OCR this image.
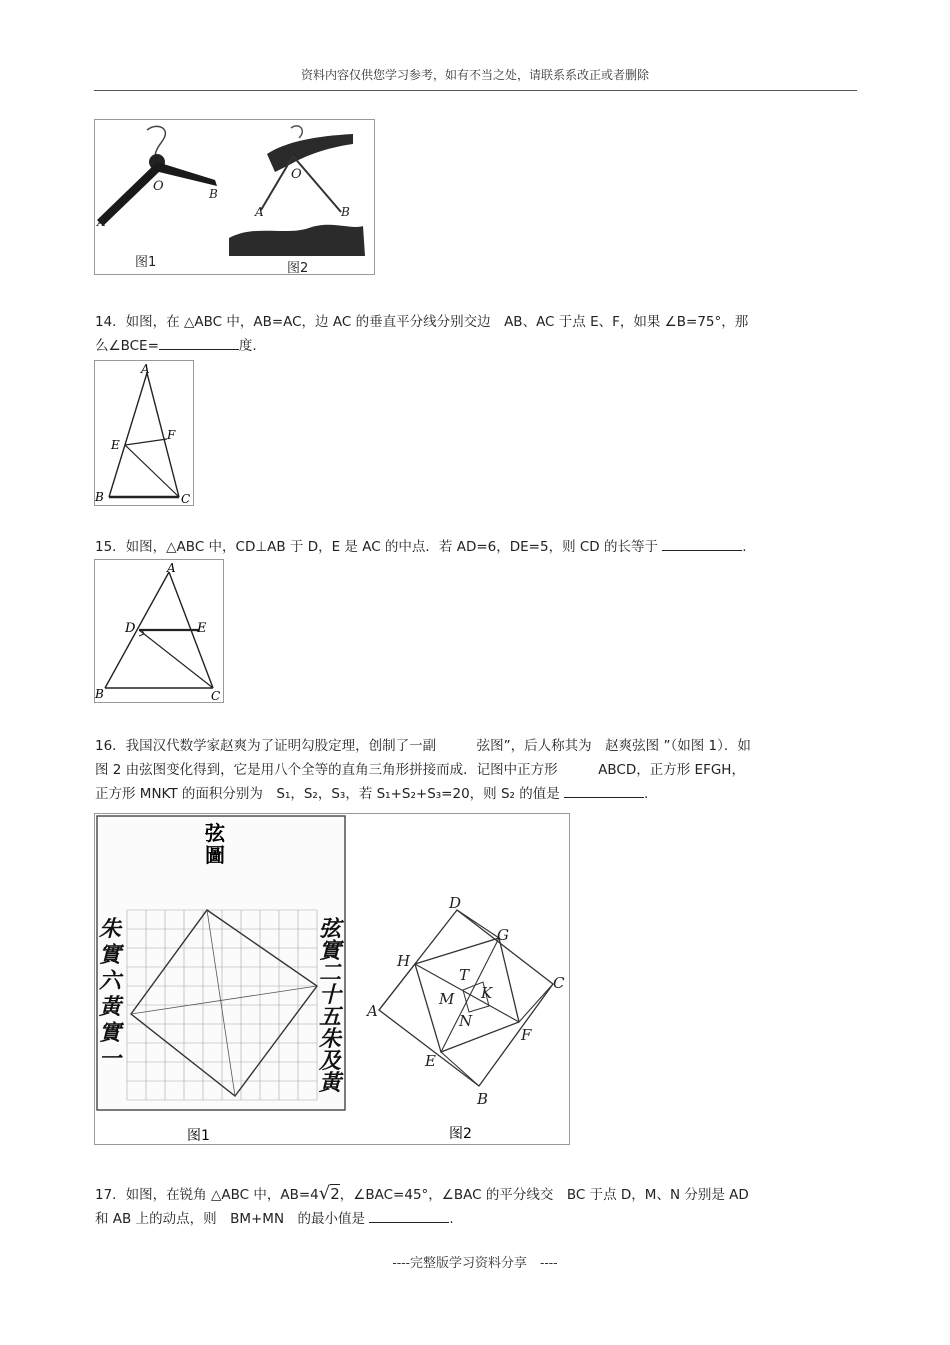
资料内容仅供您学习参考，如有不当之处，请联系系改正或者删除
O	B
A
图1
O
A	B
图2
14．如图，在 △ABC 中，AB=AC，边 AC 的垂直平分线分别交边　AB、AC 于点 E、F，如果 ∠B=75°，那
么∠BCE=	度.
A
E
F
B	C
15．如图，△ABC 中，CD⊥AB 于 D，E 是 AC 的中点．若 AD=6，DE=5，则 CD 的长等于	.
A
D	E
B	C
16．我国汉代数学家赵爽为了证明勾股定理，创制了一副　　　弦图”，后人称其为　赵爽弦图 ”（如图 1）．如
图 2 由弦图变化得到，它是用八个全等的直角三角形拼接而成．记图中正方形　　　ABCD，正方形 EFGH，
正方形 MNKT 的面积分别为　S₁，S₂，S₃，若 S₁+S₂+S₃=20，则 S₂ 的值是	.
弦
圖
朱
實
六
黃
實
一
弦
實
二
十
五
朱
及
黃
图1
D
G
C
H
T
K
M
N
A
F
E
B
图2
17．如图，在锐角 △ABC 中，AB=4√2，∠BAC=45°，∠BAC 的平分线交　BC 于点 D，M、N 分别是 AD
和 AB 上的动点，则　BM+MN　的最小值是	.
----完整版学习资料分享　----
